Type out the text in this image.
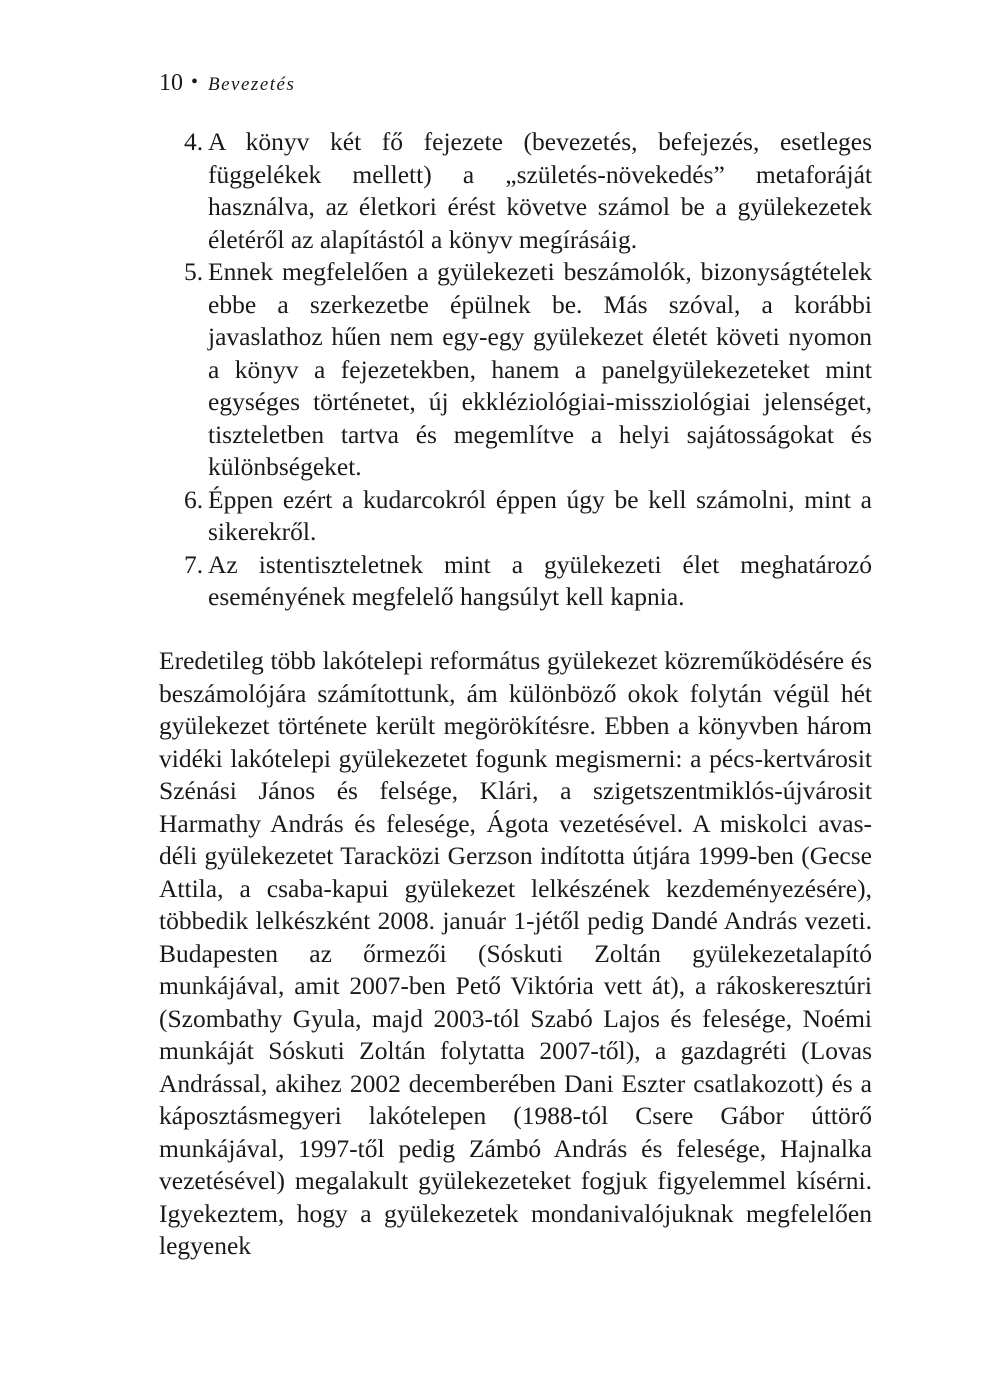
10 • Bevezetés
4. A könyv két fő fejezete (bevezetés, befejezés, esetleges függelékek mellett) a „születés-növekedés” metaforáját használva, az életkori érést követve számol be a gyülekezetek életéről az alapítástól a könyv megírásáig.
5. Ennek megfelelően a gyülekezeti beszámolók, bizonyságtételek ebbe a szerkezetbe épülnek be. Más szóval, a korábbi javaslathoz hűen nem egy-egy gyülekezet életét követi nyomon a könyv a fejezetekben, hanem a panelgyülekezeteket mint egységes történetet, új ekkléziológiai-missziológiai jelenséget, tiszteletben tartva és megemlítve a helyi sajátosságokat és különbségeket.
6. Éppen ezért a kudarcokról éppen úgy be kell számolni, mint a sikerekről.
7. Az istentiszteletnek mint a gyülekezeti élet meghatározó eseményének megfelelő hangsúlyt kell kapnia.

Eredetileg több lakótelepi református gyülekezet közreműködésére és beszámolójára számítottunk, ám különböző okok folytán végül hét gyülekezet története került megörökítésre. Ebben a könyvben három vidéki lakótelepi gyülekezetet fogunk megismerni: a pécs-kertvárosit Szénási János és felsége, Klári, a szigetszentmiklós-újvárosit Harmathy András és felesége, Ágota vezetésével. A miskolci avas-déli gyülekezetet Taracközi Gerzson indította útjára 1999-ben (Gecse Attila, a csaba-kapui gyülekezet lelkészének kezdeményezésére), többedik lelkészként 2008. január 1-jétől pedig Dandé András vezeti. Budapesten az őrmezői (Sóskuti Zoltán gyülekezetalapító munkájával, amit 2007-ben Pető Viktória vett át), a rákoskeresztúri (Szombathy Gyula, majd 2003-tól Szabó Lajos és felesége, Noémi munkáját Sóskuti Zoltán folytatta 2007-től), a gazdagréti (Lovas Andrással, akihez 2002 decemberében Dani Eszter csatlakozott) és a káposztásmegyeri lakótelepen (1988-tól Csere Gábor úttörő munkájával, 1997-től pedig Zámbó András és felesége, Hajnalka vezetésével) megalakult gyülekezeteket fogjuk figyelemmel kísérni. Igyekeztem, hogy a gyülekezetek mondanivalójuknak megfelelően legyenek
